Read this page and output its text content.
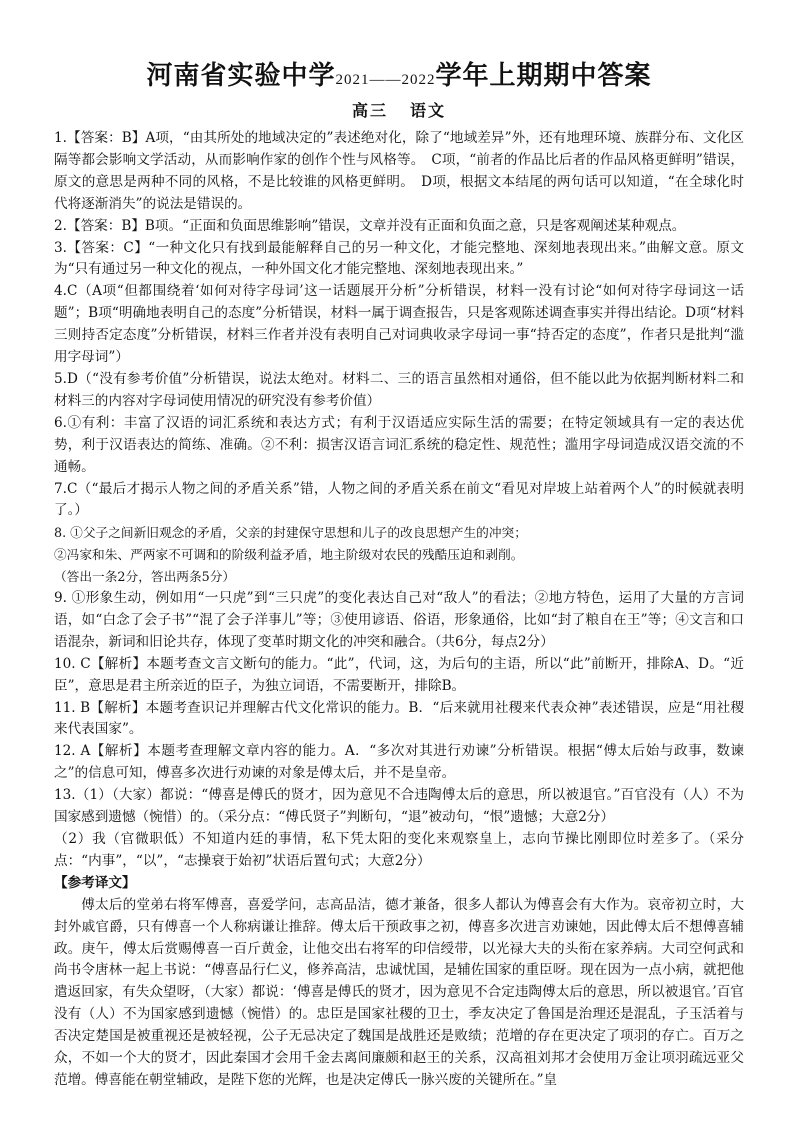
河南省实验中学2021——2022学年上期期中答案
高三 语文

1.【答案：B】A项，“由其所处的地域决定的”表述绝对化，除了“地域差异”外，还有地理环境、族群分布、文化区隔等都会影响文学活动，从而影响作家的创作个性与风格等。　C项，“前者的作品比后者的作品风格更鲜明”错误，原文的意思是两种不同的风格，不是比较谁的风格更鲜明。　D项，根据文本结尾的两句话可以知道，“在全球化时代将逐渐消失”的说法是错误的。

2.【答案：B】B项。“正面和负面思维影响”错误，文章并没有正面和负面之意，只是客观阐述某种观点。

3.【答案：C】“一种文化只有找到最能解释自己的另一种文化，才能完整地、深刻地表现出来。”曲解文意。原文为“只有通过另一种文化的视点，一种外国文化才能完整地、深刻地表现出来。”

4.C（A项“但都围绕着‘如何对待字母词’这一话题展开分析”分析错误，材料一没有讨论“如何对待字母词这一话题”；B项“明确地表明自己的态度”分析错误，材料一属于调查报告，只是客观陈述调查事实并得出结论。D项“材料三则持否定态度”分析错误，材料三作者并没有表明自己对词典收录字母词一事“持否定的态度”，作者只是批判“滥用字母词”）

5.D（“没有参考价值”分析错误，说法太绝对。材料二、三的语言虽然相对通俗，但不能以此为依据判断材料二和材料三的内容对字母词使用情况的研究没有参考价值）

6.①有利：丰富了汉语的词汇系统和表达方式；有利于汉语适应实际生活的需要；在特定领域具有一定的表达优势，利于汉语表达的简练、准确。②不利：损害汉语言词汇系统的稳定性、规范性；滥用字母词造成汉语交流的不通畅。

7.C（“最后才揭示人物之间的矛盾关系”错，人物之间的矛盾关系在前文“看见对岸坡上站着两个人”的时候就表明了。）

8. ①父子之间新旧观念的矛盾，父亲的封建保守思想和儿子的改良思想产生的冲突；

②冯家和朱、严两家不可调和的阶级利益矛盾，地主阶级对农民的残酷压迫和剥削。

（答出一条2分，答出两条5分）

9. ①形象生动，例如用“一只虎”到“三只虎”的变化表达自己对“敌人”的看法；②地方特色，运用了大量的方言词语，如“白念了会子书”“混了会子洋事儿”等；③使用谚语、俗语，形象通俗，比如“封了粮自在王”等；④文言和口语混杂，新词和旧论共存，体现了变革时期文化的冲突和融合。（共6分，每点2分）

10. C【解析】本题考查文言文断句的能力。“此”，代词，这，为后句的主语，所以“此”前断开，排除A、D。“近臣”，意思是君主所亲近的臣子，为独立词语，不需要断开，排除B。

11. B【解析】本题考查识记并理解古代文化常识的能力。B．“后来就用社稷来代表众神”表述错误，应是“用社稷来代表国家”。

12. A【解析】本题考查理解文章内容的能力。A．“多次对其进行劝谏”分析错误。根据“傅太后始与政事，数谏之”的信息可知，傅喜多次进行劝谏的对象是傅太后，并不是皇帝。

13.（1）（大家）都说：“傅喜是傅氏的贤才，因为意见不合违陶傅太后的意思，所以被退官。”百官没有（人）不为国家感到遗憾（惋惜）的。（采分点：“傅氏贤子”判断句，“退”被动句，“恨”遗憾；大意2分）

（2）我（官微职低）不知道内廷的事情，私下凭太阳的变化来观察皇上，志向节操比刚即位时差多了。（采分点：“内事”，“以”，“志操衰于始初”状语后置句式；大意2分）

【参考译文】

傅太后的堂弟右将军傅喜，喜爱学问，志高品洁，德才兼备，很多人都认为傅喜会有大作为。哀帝初立时，大封外戚官爵，只有傅喜一个人称病谦让推辞。傅太后干预政事之初，傅喜多次进言劝谏她，因此傅太后不想傅喜辅政。庚午，傅太后赏赐傅喜一百斤黄金，让他交出右将军的印信绶带，以光禄大夫的头衔在家养病。大司空何武和尚书令唐林一起上书说：“傅喜品行仁义，修养高洁，忠诚忧国，是辅佐国家的重臣呀。现在因为一点小病，就把他遣返回家，有失众望呀，（大家）都说：‘傅喜是傅氏的贤才，因为意见不合定违陶傅太后的意思，所以被退官。’百官没有（人）不为国家感到遗憾（惋惜）的。忠臣是国家社稷的卫士，季友决定了鲁国是治理还是混乱，子玉活着与否决定楚国是被重视还是被轻视，公子无忌决定了魏国是战胜还是败绩；范增的存在更决定了项羽的存亡。百万之众，不如一个大的贤才，因此秦国才会用千金去离间廉颇和赵王的关系，汉高祖刘邦才会使用万金让项羽疏远亚父范增。傅喜能在朝堂辅政，是陛下您的光辉，也是决定傅氏一脉兴废的关键所在。”皇
